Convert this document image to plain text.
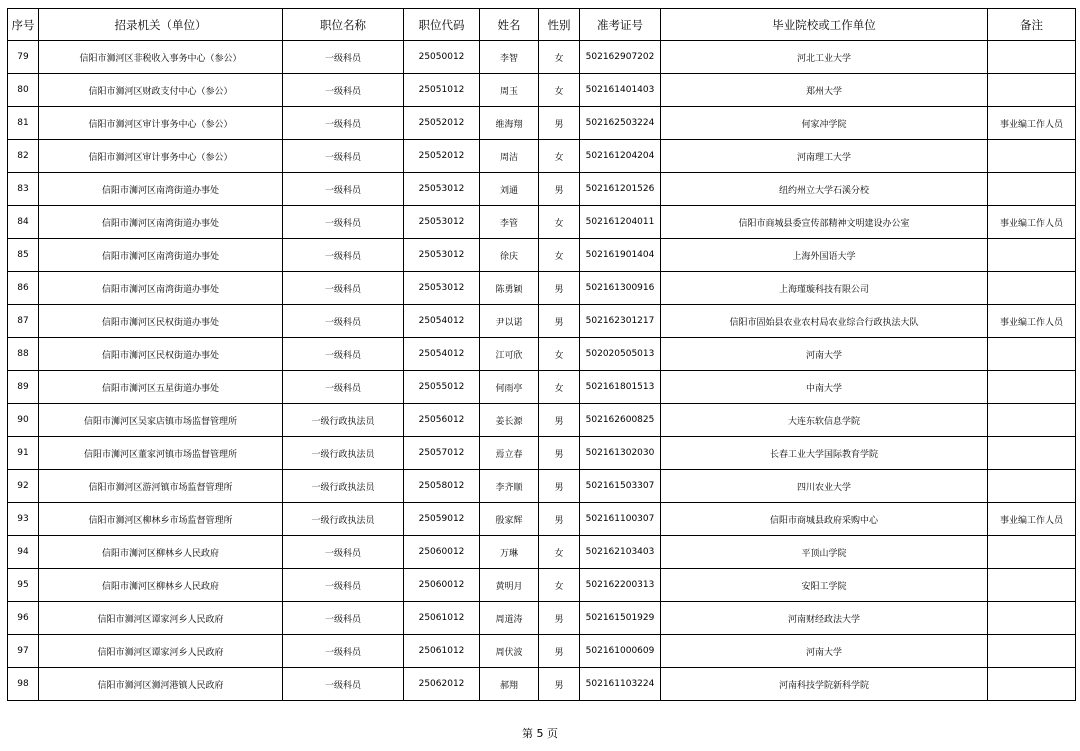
序号	招录机关（单位）	职位名称	职位代码	姓名	性别	准考证号	毕业院校或工作单位	备注
79	信阳市浉河区非税收入事务中心（参公）	一级科员	25050012	李智	女	502162907202	河北工业大学	
80	信阳市浉河区财政支付中心（参公）	一级科员	25051012	周玉	女	502161401403	郑州大学	
81	信阳市浉河区审计事务中心（参公）	一级科员	25052012	维海翔	男	502162503224	何家冲学院	事业编工作人员
82	信阳市浉河区审计事务中心（参公）	一级科员	25052012	周洁	女	502161204204	河南理工大学	
83	信阳市浉河区南湾街道办事处	一级科员	25053012	刘通	男	502161201526	纽约州立大学石溪分校	
84	信阳市浉河区南湾街道办事处	一级科员	25053012	李管	女	502161204011	信阳市商城县委宣传部精神文明建设办公室	事业编工作人员
85	信阳市浉河区南湾街道办事处	一级科员	25053012	徐庆	女	502161901404	上海外国语大学	
86	信阳市浉河区南湾街道办事处	一级科员	25053012	陈勇颖	男	502161300916	上海瑾璇科技有限公司	
87	信阳市浉河区民权街道办事处	一级科员	25054012	尹以诺	男	502162301217	信阳市固始县农业农村局农业综合行政执法大队	事业编工作人员
88	信阳市浉河区民权街道办事处	一级科员	25054012	江可欣	女	502020505013	河南大学	
89	信阳市浉河区五星街道办事处	一级科员	25055012	何雨亭	女	502161801513	中南大学	
90	信阳市浉河区吴家店镇市场监督管理所	一级行政执法员	25056012	姜长源	男	502162600825	大连东软信息学院	
91	信阳市浉河区董家河镇市场监督管理所	一级行政执法员	25057012	焉立春	男	502161302030	长春工业大学国际教育学院	
92	信阳市浉河区游河镇市场监督管理所	一级行政执法员	25058012	李齐顺	男	502161503307	四川农业大学	
93	信阳市浉河区柳林乡市场监督管理所	一级行政执法员	25059012	殷家辉	男	502161100307	信阳市商城县政府采购中心	事业编工作人员
94	信阳市浉河区柳林乡人民政府	一级科员	25060012	万琳	女	502162103403	平顶山学院	
95	信阳市浉河区柳林乡人民政府	一级科员	25060012	黄明月	女	502162200313	安阳工学院	
96	信阳市浉河区谭家河乡人民政府	一级科员	25061012	周道涛	男	502161501929	河南财经政法大学	
97	信阳市浉河区谭家河乡人民政府	一级科员	25061012	周伏波	男	502161000609	河南大学	
98	信阳市浉河区浉河港镇人民政府	一级科员	25062012	郝翔	男	502161103224	河南科技学院新科学院	
第 5 页
